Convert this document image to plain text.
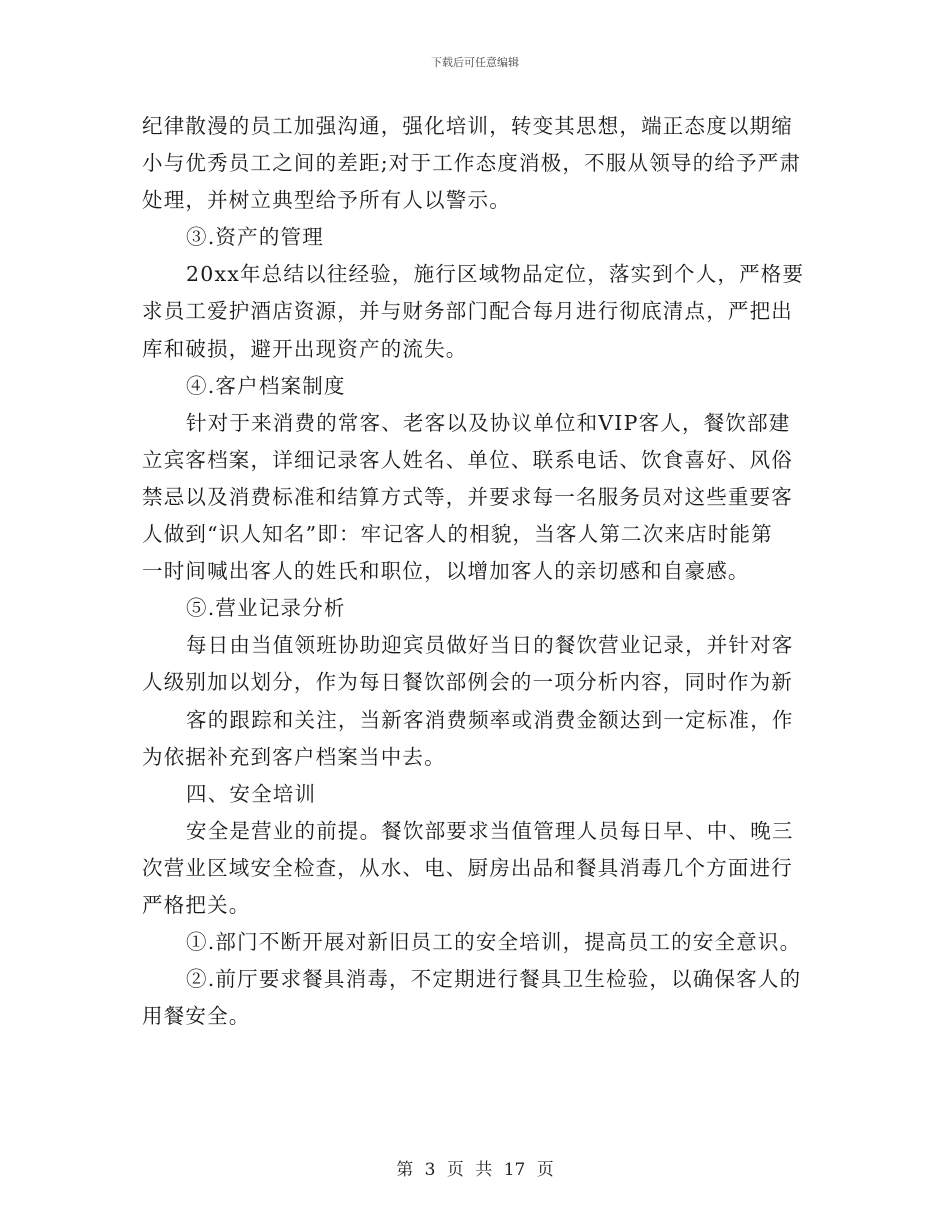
下载后可任意编辑
纪律散漫的员工加强沟通，强化培训，转变其思想，端正态度以期缩
小与优秀员工之间的差距;对于工作态度消极，不服从领导的给予严肃
处理，并树立典型给予所有人以警示。
③.资产的管理
20xx年总结以往经验，施行区域物品定位，落实到个人，严格要
求员工爱护酒店资源，并与财务部门配合每月进行彻底清点，严把出
库和破损，避开出现资产的流失。
④.客户档案制度
针对于来消费的常客、老客以及协议单位和VIP客人，餐饮部建
立宾客档案，详细记录客人姓名、单位、联系电话、饮食喜好、风俗
禁忌以及消费标准和结算方式等，并要求每一名服务员对这些重要客
人做到“识人知名”即：牢记客人的相貌，当客人第二次来店时能第
一时间喊出客人的姓氏和职位，以增加客人的亲切感和自豪感。
⑤.营业记录分析
每日由当值领班协助迎宾员做好当日的餐饮营业记录，并针对客
人级别加以划分，作为每日餐饮部例会的一项分析内容，同时作为新
客的跟踪和关注，当新客消费频率或消费金额达到一定标准，作
为依据补充到客户档案当中去。
四、安全培训
安全是营业的前提。餐饮部要求当值管理人员每日早、中、晚三
次营业区域安全检查，从水、电、厨房出品和餐具消毒几个方面进行
严格把关。
①.部门不断开展对新旧员工的安全培训，提高员工的安全意识。
②.前厅要求餐具消毒，不定期进行餐具卫生检验，以确保客人的
用餐安全。
第 3 页 共 17 页
